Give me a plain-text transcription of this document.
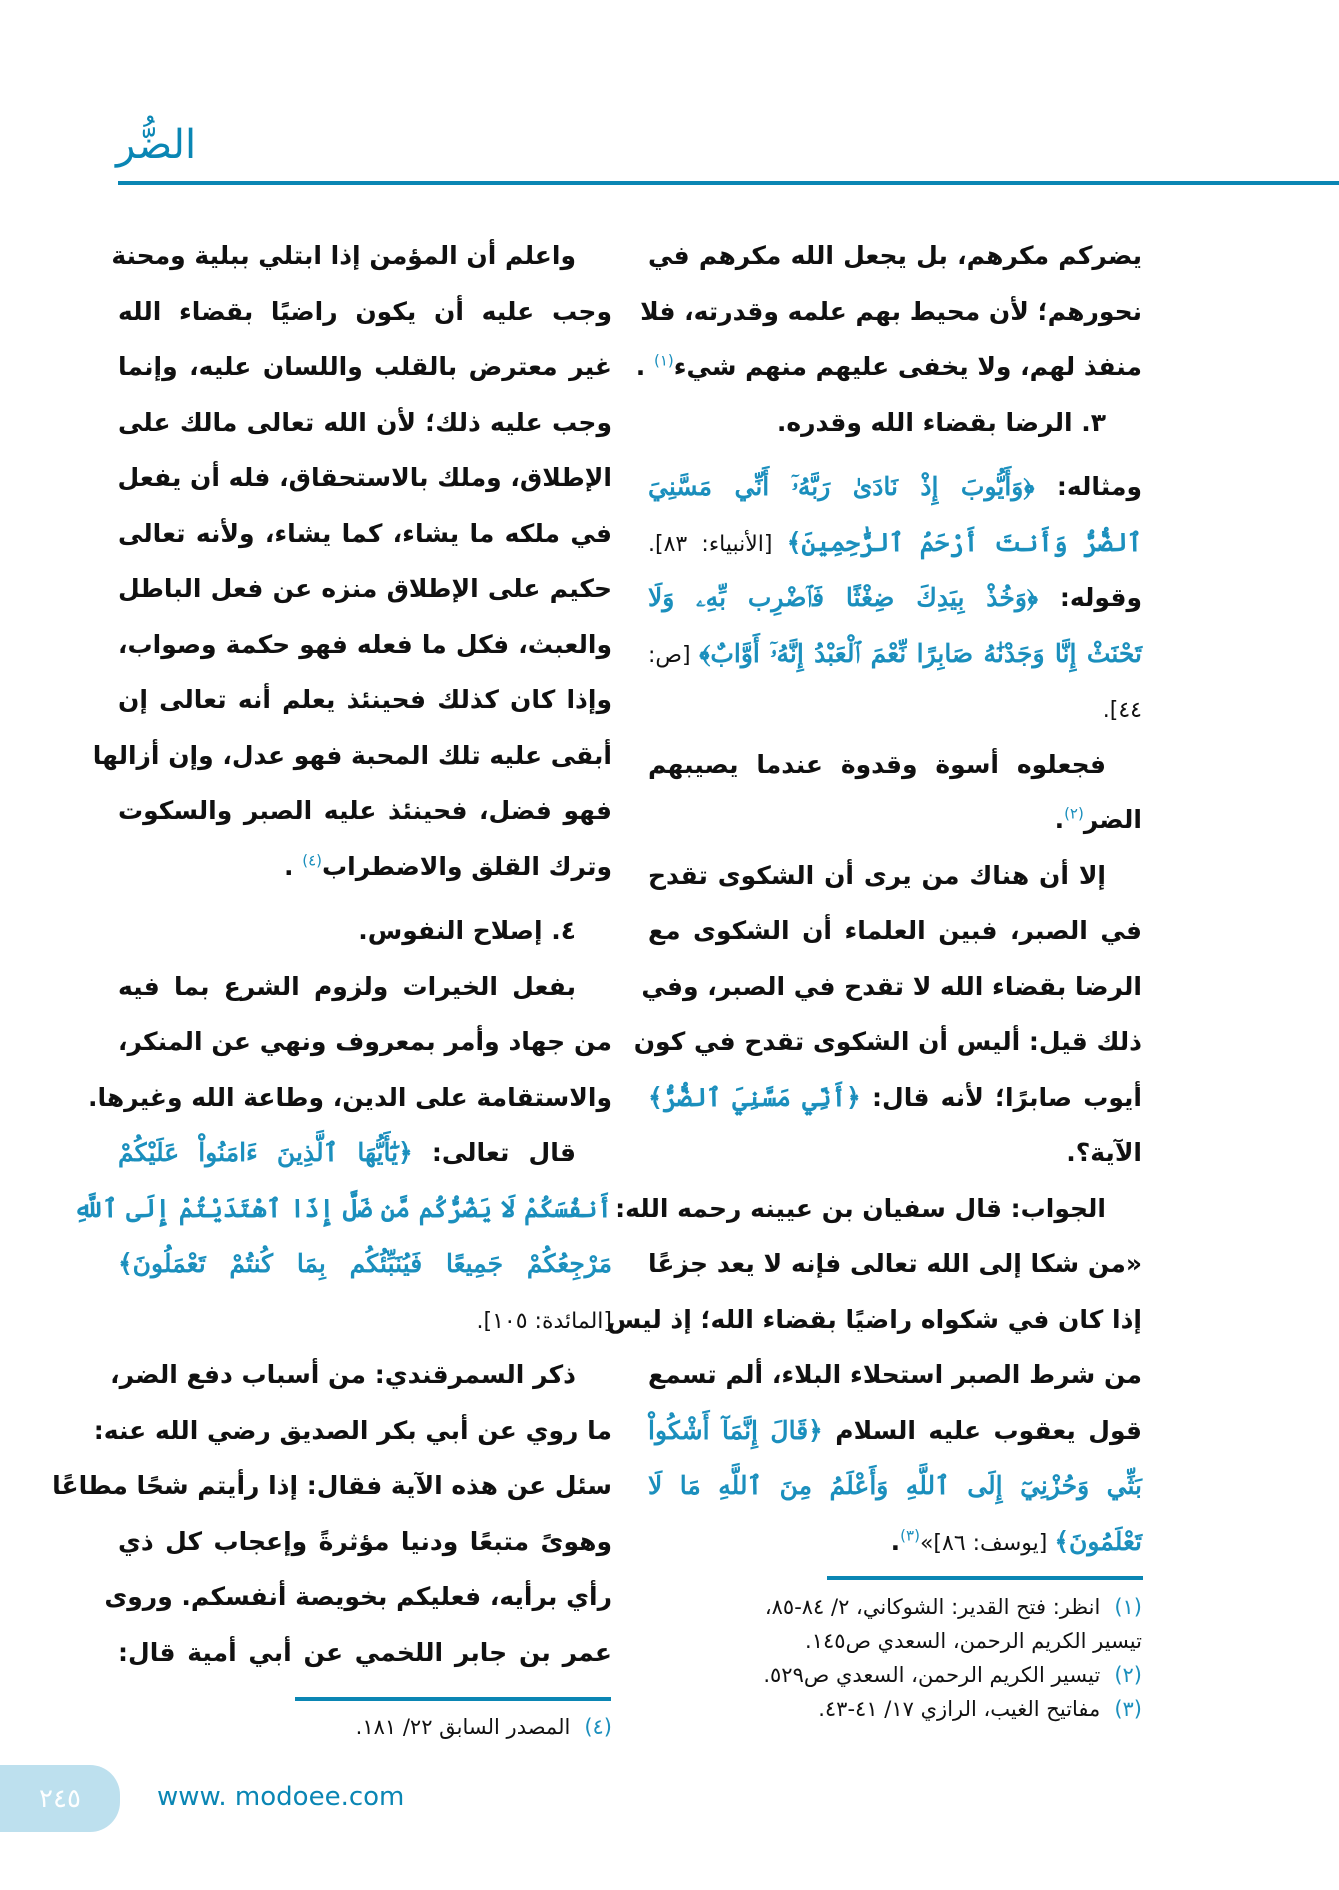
الضُّر
يضركم مكرهم، بل يجعل الله مكرهم في
نحورهم؛ لأن محيط بهم علمه وقدرته، فلا
منفذ لهم، ولا يخفى عليهم منهم شيء$^{(١)}$ .
٣. الرضا بقضاء الله وقدره.
ومثاله: ﴿وَأَيُّوبَ إِذْ نَادَىٰ رَبَّهُۥٓ أَنِّي مَسَّنِيَ
ٱلضُّرُّ وَأَنتَ أَرْحَمُ ٱلرَّٰحِمِينَ﴾ [الأنبياء: ٨٣].
وقوله: ﴿وَخُذْ بِيَدِكَ ضِغْثًا فَٱضْرِب بِّهِۦ وَلَا
تَحْنَثْ إِنَّا وَجَدْنَٰهُ صَابِرًا نِّعْمَ ٱلْعَبْدُ إِنَّهُۥٓ أَوَّابٌ﴾ [ص:
٤٤].
فجعلوه أسوة وقدوة عندما يصيبهم
الضر$^{(٢)}$.
إلا أن هناك من يرى أن الشكوى تقدح
في الصبر، فبين العلماء أن الشكوى مع
الرضا بقضاء الله لا تقدح في الصبر، وفي
ذلك قيل: أليس أن الشكوى تقدح في كون
أيوب صابرًا؛ لأنه قال: ﴿أَنِّي مَسَّنِيَ ٱلضُّرُّ﴾
الآية؟.
الجواب: قال سفيان بن عيينه رحمه الله:
«من شكا إلى الله تعالى فإنه لا يعد جزعًا
إذا كان في شكواه راضيًا بقضاء الله؛ إذ ليس
من شرط الصبر استحلاء البلاء، ألم تسمع
قول يعقوب عليه السلام ﴿قَالَ إِنَّمَآ أَشْكُواْ
بَثِّي وَحُزْنِيٓ إِلَى ٱللَّهِ وَأَعْلَمُ مِنَ ٱللَّهِ مَا لَا
تَعْلَمُونَ﴾ [يوسف: ٨٦]»$^{(٣)}$.
واعلم أن المؤمن إذا ابتلي ببلية ومحنة
وجب عليه أن يكون راضيًا بقضاء الله
غير معترض بالقلب واللسان عليه، وإنما
وجب عليه ذلك؛ لأن الله تعالى مالك على
الإطلاق، وملك بالاستحقاق، فله أن يفعل
في ملكه ما يشاء، كما يشاء، ولأنه تعالى
حكيم على الإطلاق منزه عن فعل الباطل
والعبث، فكل ما فعله فهو حكمة وصواب،
وإذا كان كذلك فحينئذ يعلم أنه تعالى إن
أبقى عليه تلك المحبة فهو عدل، وإن أزالها
فهو فضل، فحينئذ عليه الصبر والسكوت
وترك القلق والاضطراب$^{(٤)}$ .
٤. إصلاح النفوس.
بفعل الخيرات ولزوم الشرع بما فيه
من جهاد وأمر بمعروف ونهي عن المنكر،
والاستقامة على الدين، وطاعة الله وغيرها.
قال تعالى: ﴿يَٰٓأَيُّهَا ٱلَّذِينَ ءَامَنُواْ عَلَيْكُمْ
أَنفُسَكُمْ لَا يَضُرُّكُم مَّن ضَلَّ إِذَا ٱهْتَدَيْتُمْ إِلَى ٱللَّهِ
مَرْجِعُكُمْ جَمِيعًا فَيُنَبِّئُكُم بِمَا كُنتُمْ تَعْمَلُونَ﴾
[المائدة: ١٠٥].
ذكر السمرقندي: من أسباب دفع الضر،
ما روي عن أبي بكر الصديق رضي الله عنه:
سئل عن هذه الآية فقال: إذا رأيتم شحًا مطاعًا
وهوىً متبعًا ودنيا مؤثرةً وإعجاب كل ذي
رأي برأيه، فعليكم بخويصة أنفسكم. وروى
عمر بن جابر اللخمي عن أبي أمية قال:
(١)انظر: فتح القدير: الشوكاني، ٢/ ٨٤-٨٥،
تيسير الكريم الرحمن، السعدي ص١٤٥.
(٢)تيسير الكريم الرحمن، السعدي ص٥٢٩.
(٣)مفاتيح الغيب، الرازي ١٧/ ٤١-٤٣.
(٤)المصدر السابق ٢٢/ ١٨١.
٢٤٥	www. modoee.com
